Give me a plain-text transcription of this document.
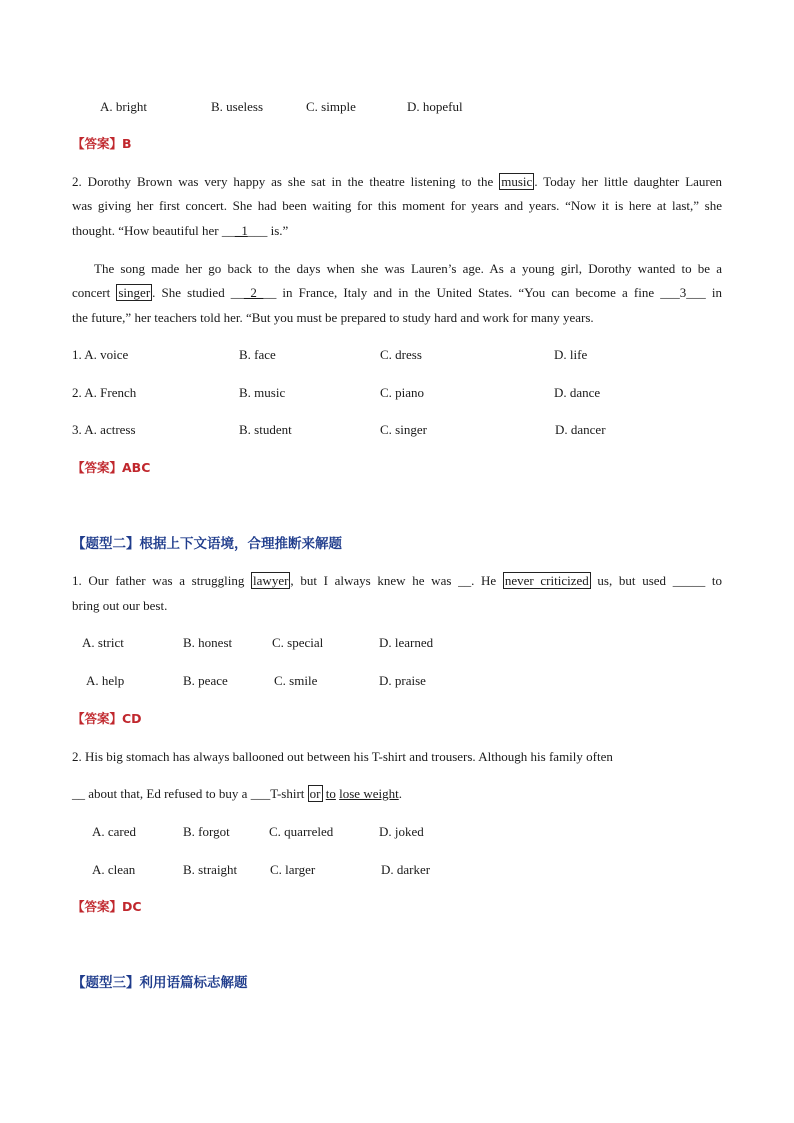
A. bright	B. useless	C. simple	D. hopeful
【答案】B
2. Dorothy Brown was very happy as she sat in the theatre listening to the music . Today her little daughter Lauren
was giving her first concert. She had been waiting for this moment for years and years. “Now it is here at last,” she
thought. “How beautiful her ___1___ is.”
The song made her go back to the days when she was Lauren’s age. As a young girl, Dorothy wanted to be a
concert singer . She studied ___2___ in France, Italy and in the United States. “You can become a fine ___3___ in
the future,” her teachers told her. “But you must be prepared to study hard and work for many years.
1. A. voice	B. face	C. dress	D. life
2. A. French	B. music	C. piano	D. dance
3. A. actress	B. student	C. singer	D. dancer
【答案】ABC
【题型二】根据上下文语境，合理推断来解题
1. Our father was a struggling lawyer , but I always knew he was __. He never criticized us, but used _____ to
bring out our best.
A. strict	B. honest	C. special	D. learned
A. help	B. peace	C. smile	D. praise
【答案】CD
2. His big stomach has always ballooned out between his T-shirt and trousers. Although his family often
__ about that, Ed refused to buy a ___T-shirt or to lose weight.
A. cared	B. forgot	C. quarreled	D. joked
A. clean	B. straight	C. larger	D. darker
【答案】DC
【题型三】利用语篇标志解题
